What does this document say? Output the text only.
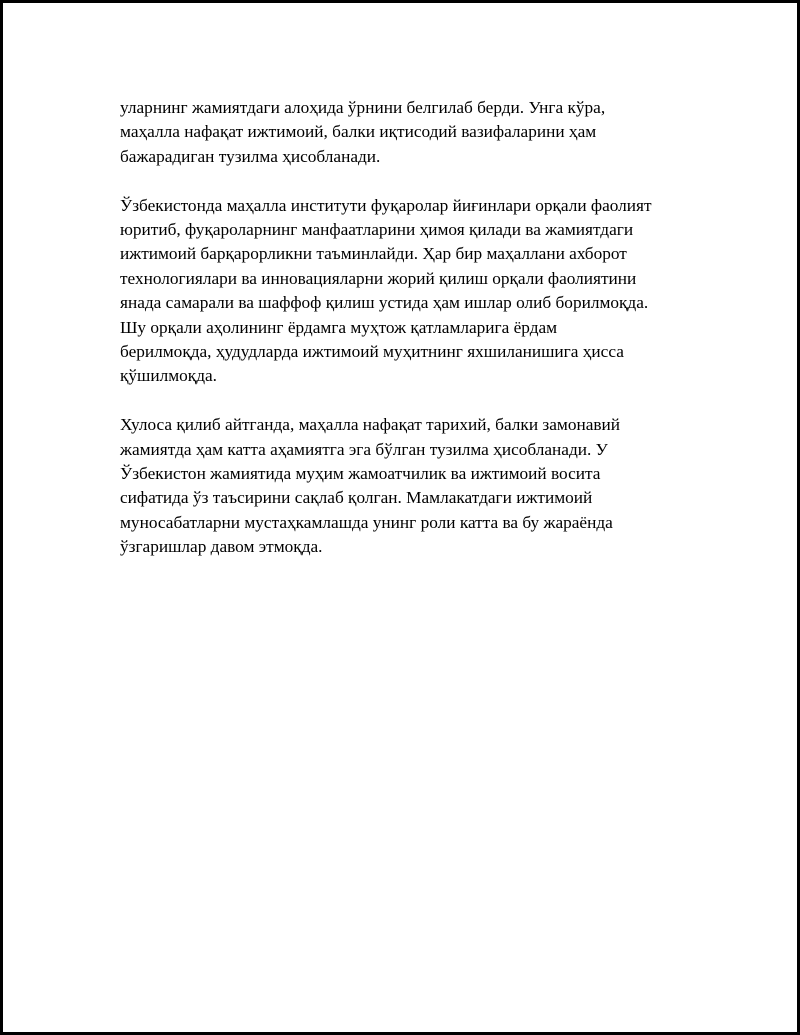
уларнинг жамиятдаги алоҳида ўрнини белгилаб берди. Унга кўра,
маҳалла нафақат ижтимоий, балки иқтисодий вазифаларини ҳам
бажарадиган тузилма ҳисобланади.

Ўзбекистонда маҳалла институти фуқаролар йиғинлари орқали фаолият
юритиб, фуқароларнинг манфаатларини ҳимоя қилади ва жамиятдаги
ижтимоий барқарорликни таъминлайди. Ҳар бир маҳаллани ахборот
технологиялари ва инновацияларни жорий қилиш орқали фаолиятини
янада самарали ва шаффоф қилиш устида ҳам ишлар олиб борилмоқда.
Шу орқали аҳолининг ёрдамга муҳтож қатламларига ёрдам
берилмоқда, ҳудудларда ижтимоий муҳитнинг яхшиланишига ҳисса
қўшилмоқда.

Хулоса қилиб айтганда, маҳалла нафақат тарихий, балки замонавий
жамиятда ҳам катта аҳамиятга эга бўлган тузилма ҳисобланади. У
Ўзбекистон жамиятида муҳим жамоатчилик ва ижтимоий восита
сифатида ўз таъсирини сақлаб қолган. Мамлакатдаги ижтимоий
муносабатларни мустаҳкамлашда унинг роли катта ва бу жараёнда
ўзгаришлар давом этмоқда.
